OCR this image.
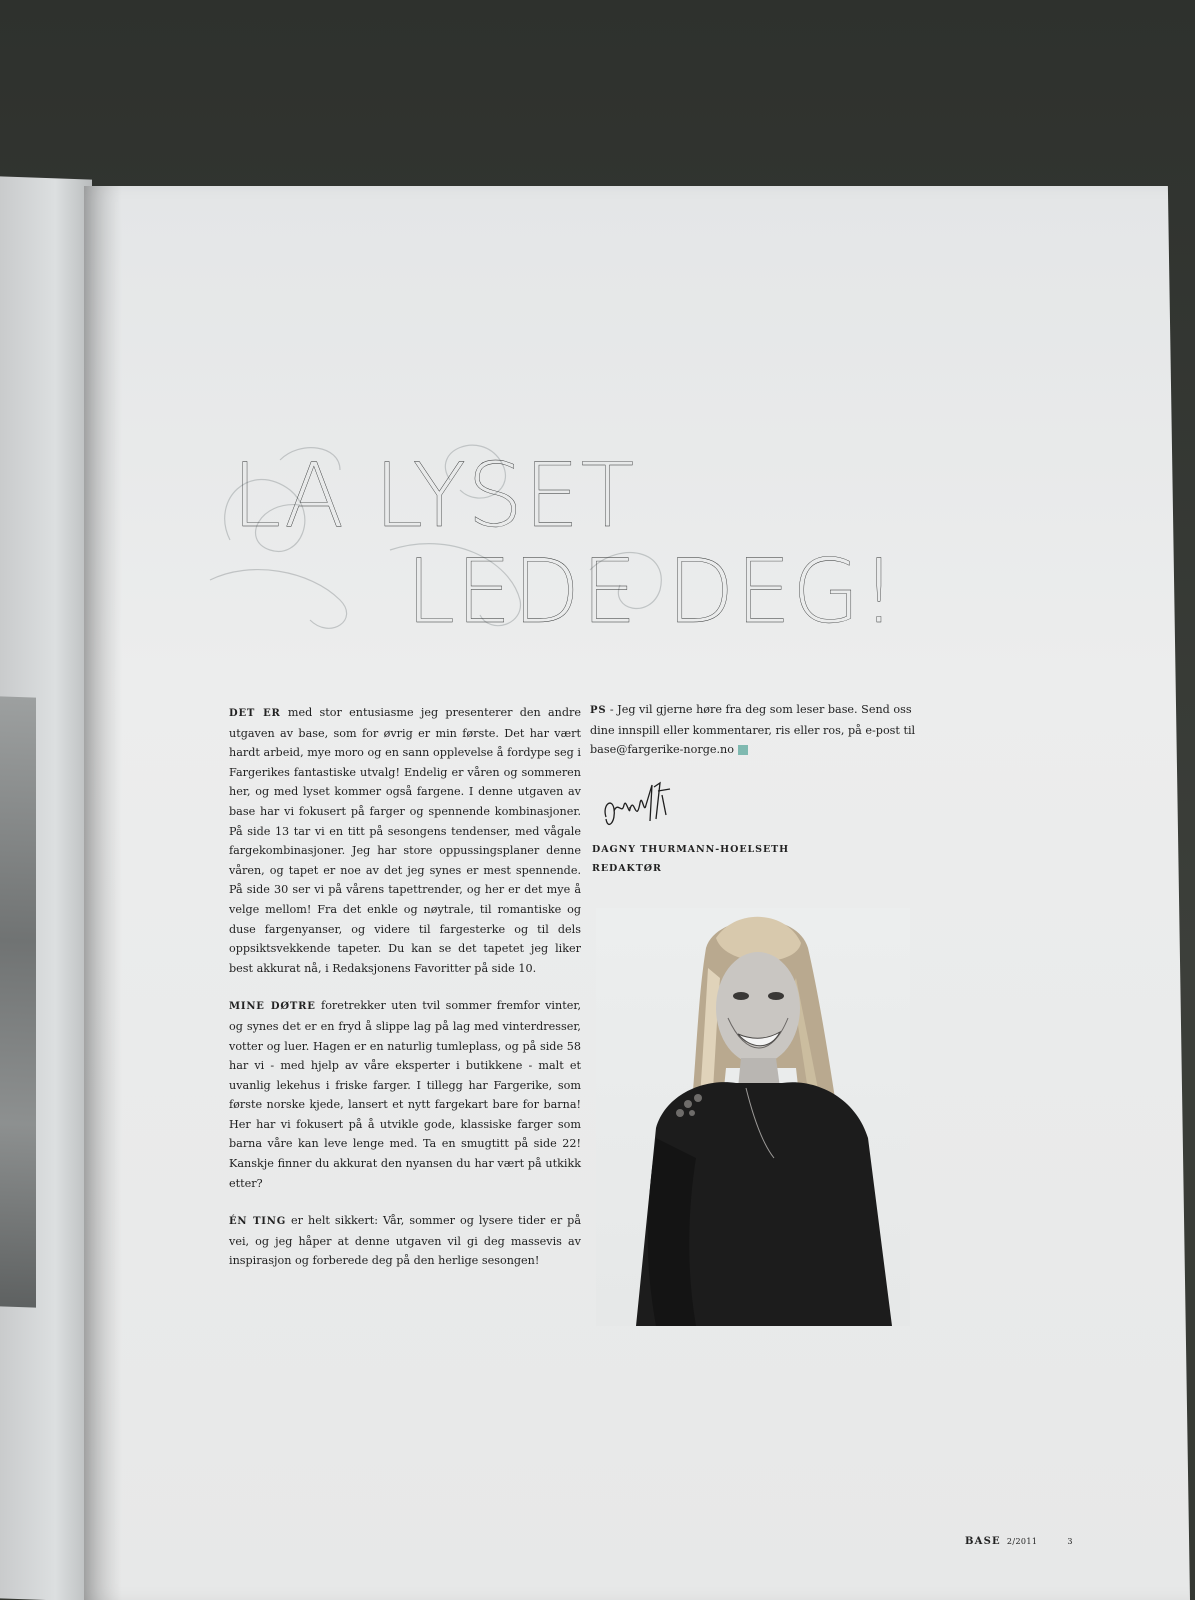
LA LYSET
LEDE DEG!

DET ER med stor entusiasme jeg presenterer den andre utgaven av base, som for øvrig er min første. Det har vært hardt arbeid, mye moro og en sann opplevelse å fordype seg i Fargerikes fantastiske utvalg! Endelig er våren og sommeren her, og med lyset kommer også fargene. I denne utgaven av base har vi fokusert på farger og spennende kombinasjoner. På side 13 tar vi en titt på sesongens tendenser, med vågale fargekombinasjoner. Jeg har store oppussingsplaner denne våren, og tapet er noe av det jeg synes er mest spennende. På side 30 ser vi på vårens tapettrender, og her er det mye å velge mellom! Fra det enkle og nøytrale, til romantiske og duse fargenyanser, og videre til fargesterke og til dels oppsiktsvekkende tapeter. Du kan se det tapetet jeg liker best akkurat nå, i Redaksjonens Favoritter på side 10.

MINE DØTRE foretrekker uten tvil sommer fremfor vinter, og synes det er en fryd å slippe lag på lag med vinterdresser, votter og luer. Hagen er en naturlig tumleplass, og på side 58 har vi - med hjelp av våre eksperter i butikkene - malt et uvanlig lekehus i friske farger. I tillegg har Fargerike, som første norske kjede, lansert et nytt fargekart bare for barna! Her har vi fokusert på å utvikle gode, klassiske farger som barna våre kan leve lenge med. Ta en smugtitt på side 22! Kanskje finner du akkurat den nyansen du har vært på utkikk etter?

ÉN TING er helt sikkert: Vår, sommer og lysere tider er på vei, og jeg håper at denne utgaven vil gi deg massevis av inspirasjon og forberede deg på den herlige sesongen!

PS - Jeg vil gjerne høre fra deg som leser base. Send oss dine innspill eller kommentarer, ris eller ros, på e-post til base@fargerike-norge.no

DAGNY THURMANN-HOELSETH
REDAKTØR
BASE 2/2011	3
